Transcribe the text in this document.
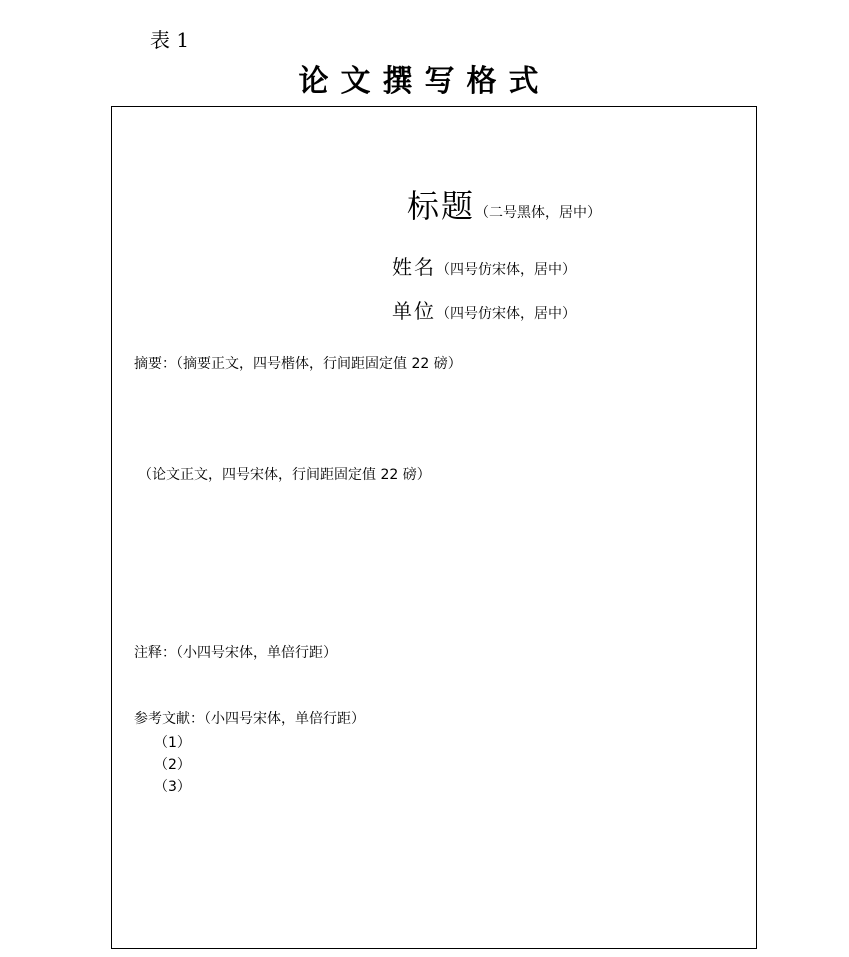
表 1
论文撰写格式
标题（二号黑体，居中）
姓名（四号仿宋体，居中）
单位（四号仿宋体，居中）
摘要：（摘要正文，四号楷体，行间距固定值 22 磅）
（论文正文，四号宋体，行间距固定值 22 磅）
注释：（小四号宋体，单倍行距）
参考文献：（小四号宋体，单倍行距）
（1）
（2）
（3）
